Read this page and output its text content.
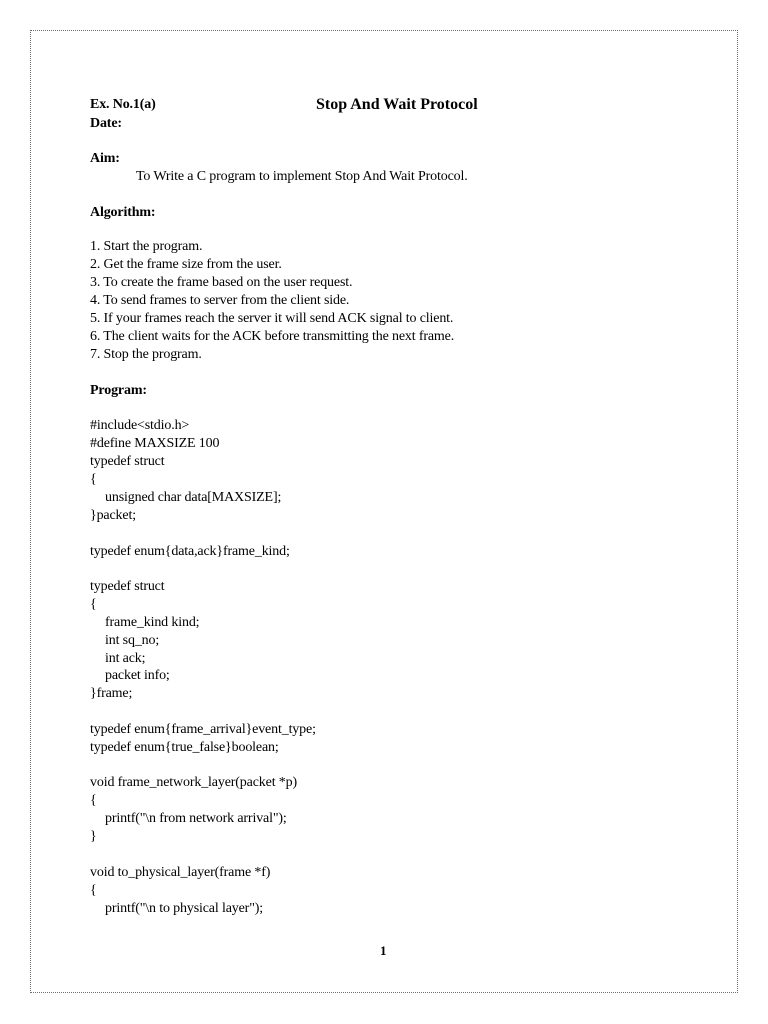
Ex. No.1(a)	Stop And Wait Protocol
Date:
Aim:
To Write a C program to implement Stop And Wait Protocol.
Algorithm:
1. Start the program.
2. Get the frame size from the user.
3. To create the frame based on the user request.
4. To send frames to server from the client side.
5. If your frames reach the server it will send ACK signal to client.
6. The client waits for the ACK before transmitting the next frame.
7. Stop the program.
Program:
#include<stdio.h>
#define MAXSIZE 100
typedef struct
{
unsigned char data[MAXSIZE];
}packet;
typedef enum{data,ack}frame_kind;
typedef struct
{
frame_kind kind;
int sq_no;
int ack;
packet info;
}frame;
typedef enum{frame_arrival}event_type;
typedef enum{true_false}boolean;
void frame_network_layer(packet *p)
{
printf("\n from network arrival");
}
void to_physical_layer(frame *f)
{
printf("\n to physical layer");
1
